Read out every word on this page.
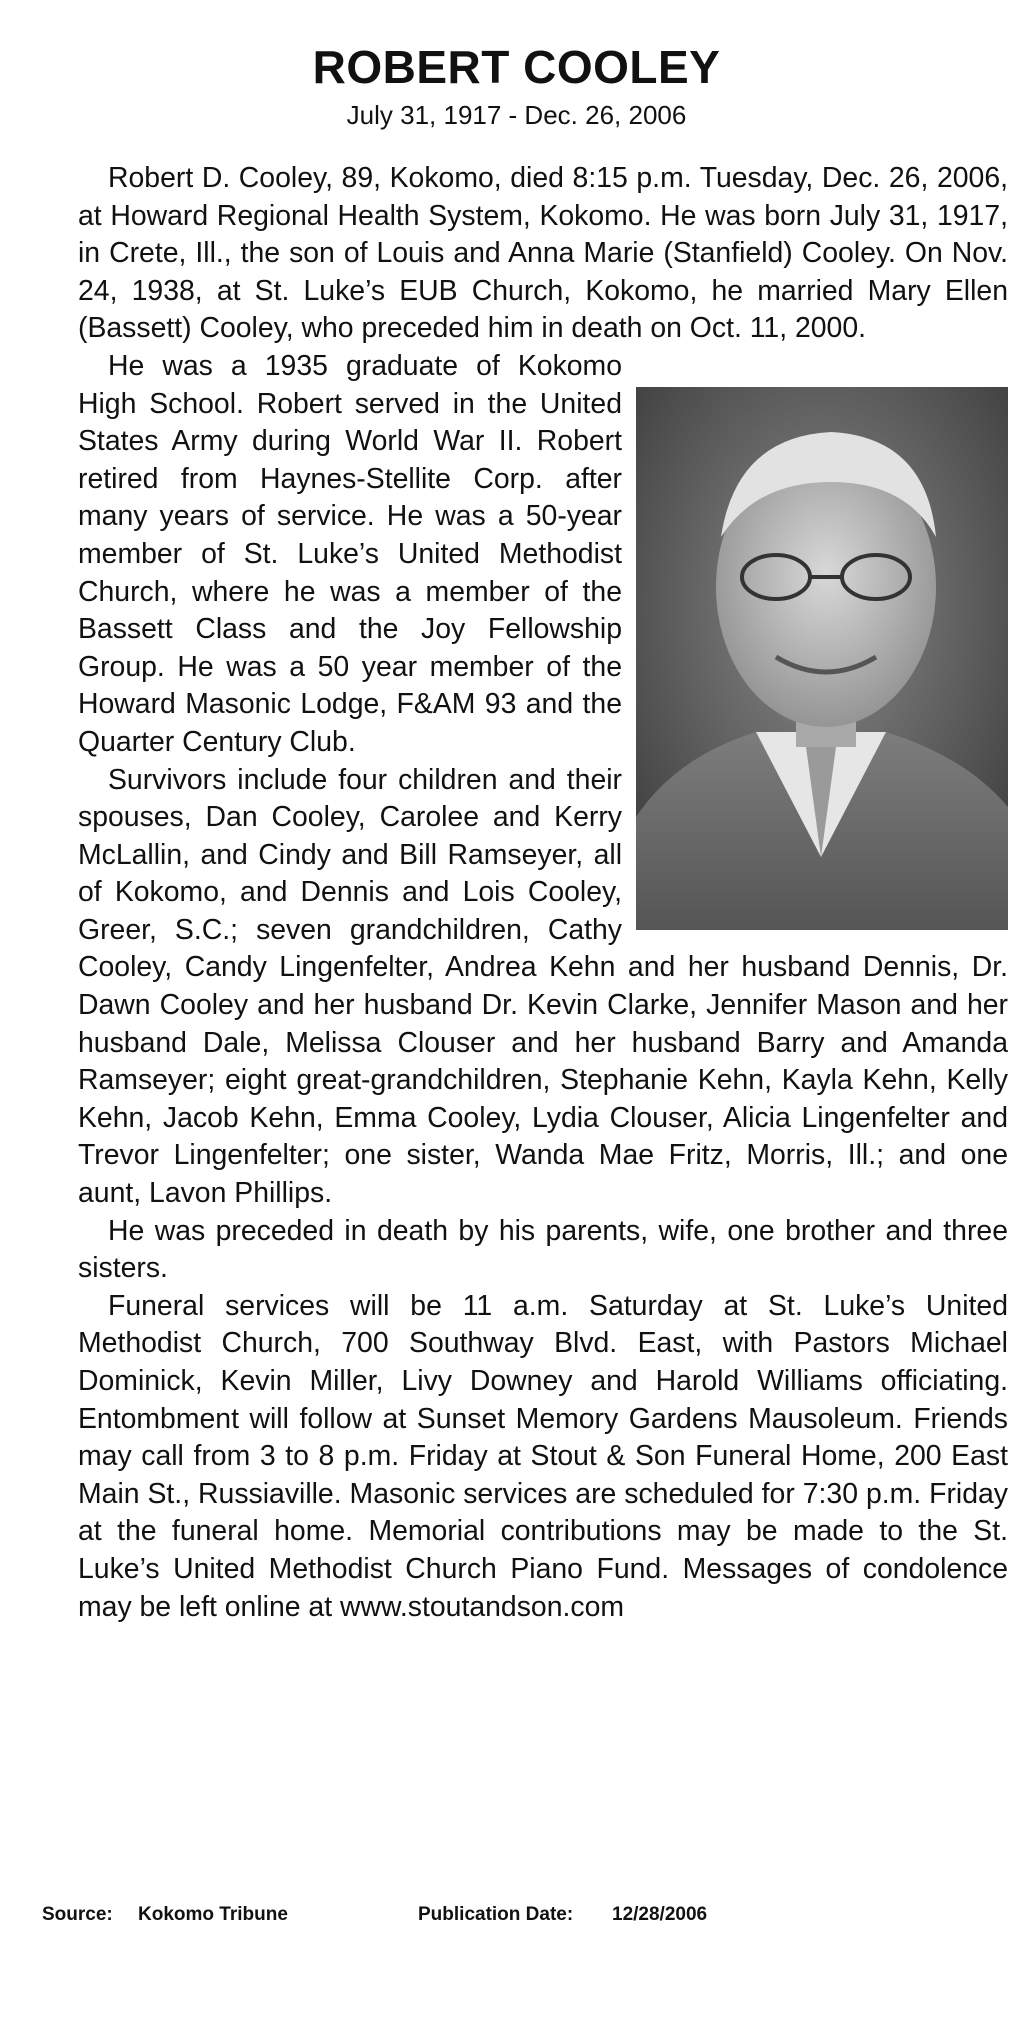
ROBERT COOLEY
July 31, 1917 - Dec. 26, 2006

Robert D. Cooley, 89, Kokomo, died 8:15 p.m. Tuesday, Dec. 26, 2006, at Howard Regional Health System, Kokomo. He was born July 31, 1917, in Crete, Ill., the son of Louis and Anna Marie (Stanfield) Cooley. On Nov. 24, 1938, at St. Luke’s EUB Church, Kokomo, he married Mary Ellen (Bassett) Cooley, who preceded him in death on Oct. 11, 2000.

He was a 1935 graduate of Kokomo High School. Robert served in the United States Army during World War II. Robert retired from Haynes-Stellite Corp. after many years of service. He was a 50-year member of St. Luke’s United Methodist Church, where he was a member of the Bassett Class and the Joy Fellowship Group. He was a 50 year member of the Howard Masonic Lodge, F&AM 93 and the Quarter Century Club.

Survivors include four children and their spouses, Dan Cooley, Carolee and Kerry McLallin, and Cindy and Bill Ramseyer, all of Kokomo, and Dennis and Lois Cooley, Greer, S.C.; seven grandchildren, Cathy Cooley, Candy Lingenfelter, Andrea Kehn and her husband Dennis, Dr. Dawn Cooley and her husband Dr. Kevin Clarke, Jennifer Mason and her husband Dale, Melissa Clouser and her husband Barry and Amanda Ramseyer; eight great-grandchildren, Stephanie Kehn, Kayla Kehn, Kelly Kehn, Jacob Kehn, Emma Cooley, Lydia Clouser, Alicia Lingenfelter and Trevor Lingenfelter; one sister, Wanda Mae Fritz, Morris, Ill.; and one aunt, Lavon Phillips.

He was preceded in death by his parents, wife, one brother and three sisters.

Funeral services will be 11 a.m. Saturday at St. Luke’s United Methodist Church, 700 Southway Blvd. East, with Pastors Michael Dominick, Kevin Miller, Livy Downey and Harold Williams officiating. Entombment will follow at Sunset Memory Gardens Mausoleum. Friends may call from 3 to 8 p.m. Friday at Stout & Son Funeral Home, 200 East Main St., Russiaville. Masonic services are scheduled for 7:30 p.m. Friday at the funeral home. Memorial contributions may be made to the St. Luke’s United Methodist Church Piano Fund. Messages of condolence may be left online at www.stoutandson.com

Source: Kokomo Tribune	Publication Date: 12/28/2006
